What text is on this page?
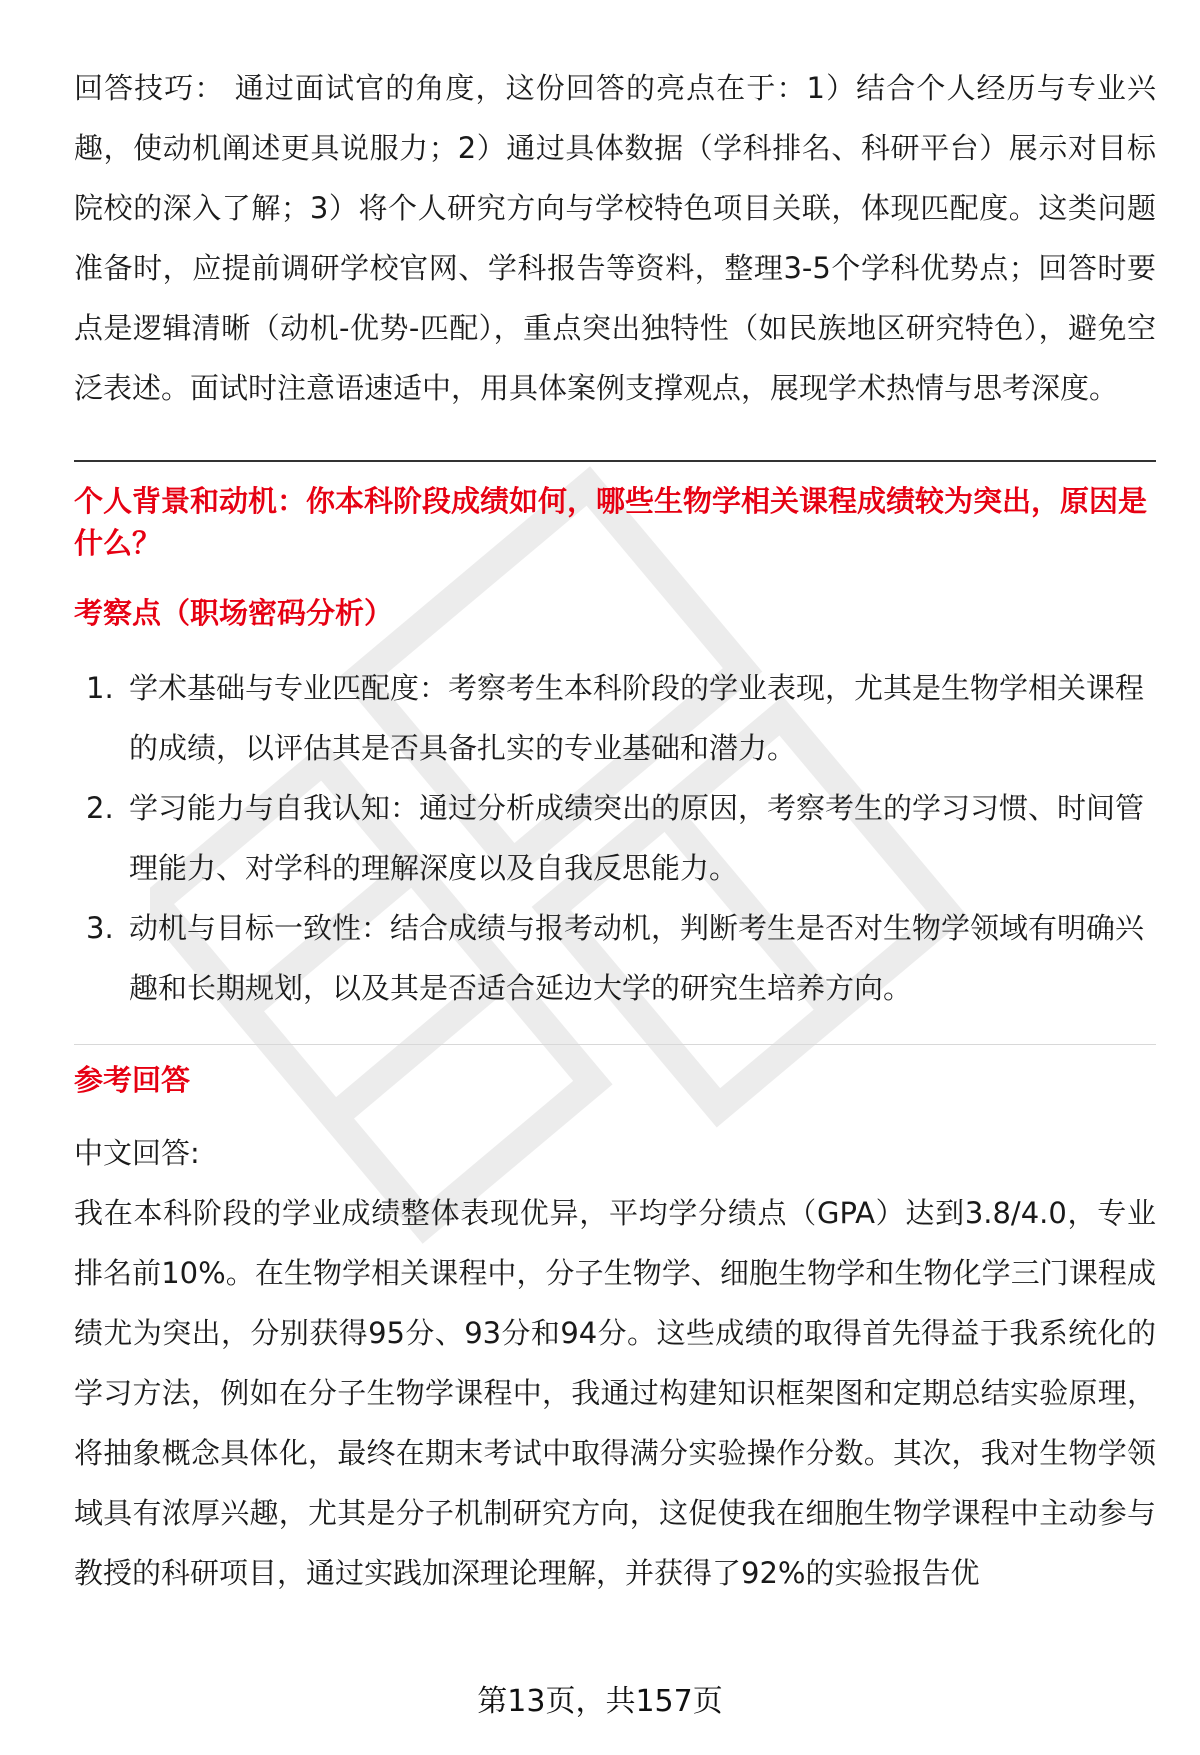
回答技巧： 通过面试官的角度，这份回答的亮点在于：1）结合个人经历与专业兴趣，使动机阐述更具说服力；2）通过具体数据（学科排名、科研平台）展示对目标院校的深入了解；3）将个人研究方向与学校特色项目关联，体现匹配度。这类问题准备时，应提前调研学校官网、学科报告等资料，整理3-5个学科优势点；回答时要点是逻辑清晰（动机-优势-匹配），重点突出独特性（如民族地区研究特色），避免空泛表述。面试时注意语速适中，用具体案例支撑观点，展现学术热情与思考深度。

个人背景和动机：你本科阶段成绩如何，哪些生物学相关课程成绩较为突出，原因是什么？

考察点（职场密码分析）

1. 学术基础与专业匹配度：考察考生本科阶段的学业表现，尤其是生物学相关课程的成绩，以评估其是否具备扎实的专业基础和潜力。
2. 学习能力与自我认知：通过分析成绩突出的原因，考察考生的学习习惯、时间管理能力、对学科的理解深度以及自我反思能力。
3. 动机与目标一致性：结合成绩与报考动机，判断考生是否对生物学领域有明确兴趣和长期规划，以及其是否适合延边大学的研究生培养方向。

参考回答

中文回答:

我在本科阶段的学业成绩整体表现优异，平均学分绩点（GPA）达到3.8/4.0，专业排名前10%。在生物学相关课程中，分子生物学、细胞生物学和生物化学三门课程成绩尤为突出，分别获得95分、93分和94分。这些成绩的取得首先得益于我系统化的学习方法，例如在分子生物学课程中，我通过构建知识框架图和定期总结实验原理，将抽象概念具体化，最终在期末考试中取得满分实验操作分数。其次，我对生物学领域具有浓厚兴趣，尤其是分子机制研究方向，这促使我在细胞生物学课程中主动参与教授的科研项目，通过实践加深理论理解，并获得了92%的实验报告优

第13页，共157页
